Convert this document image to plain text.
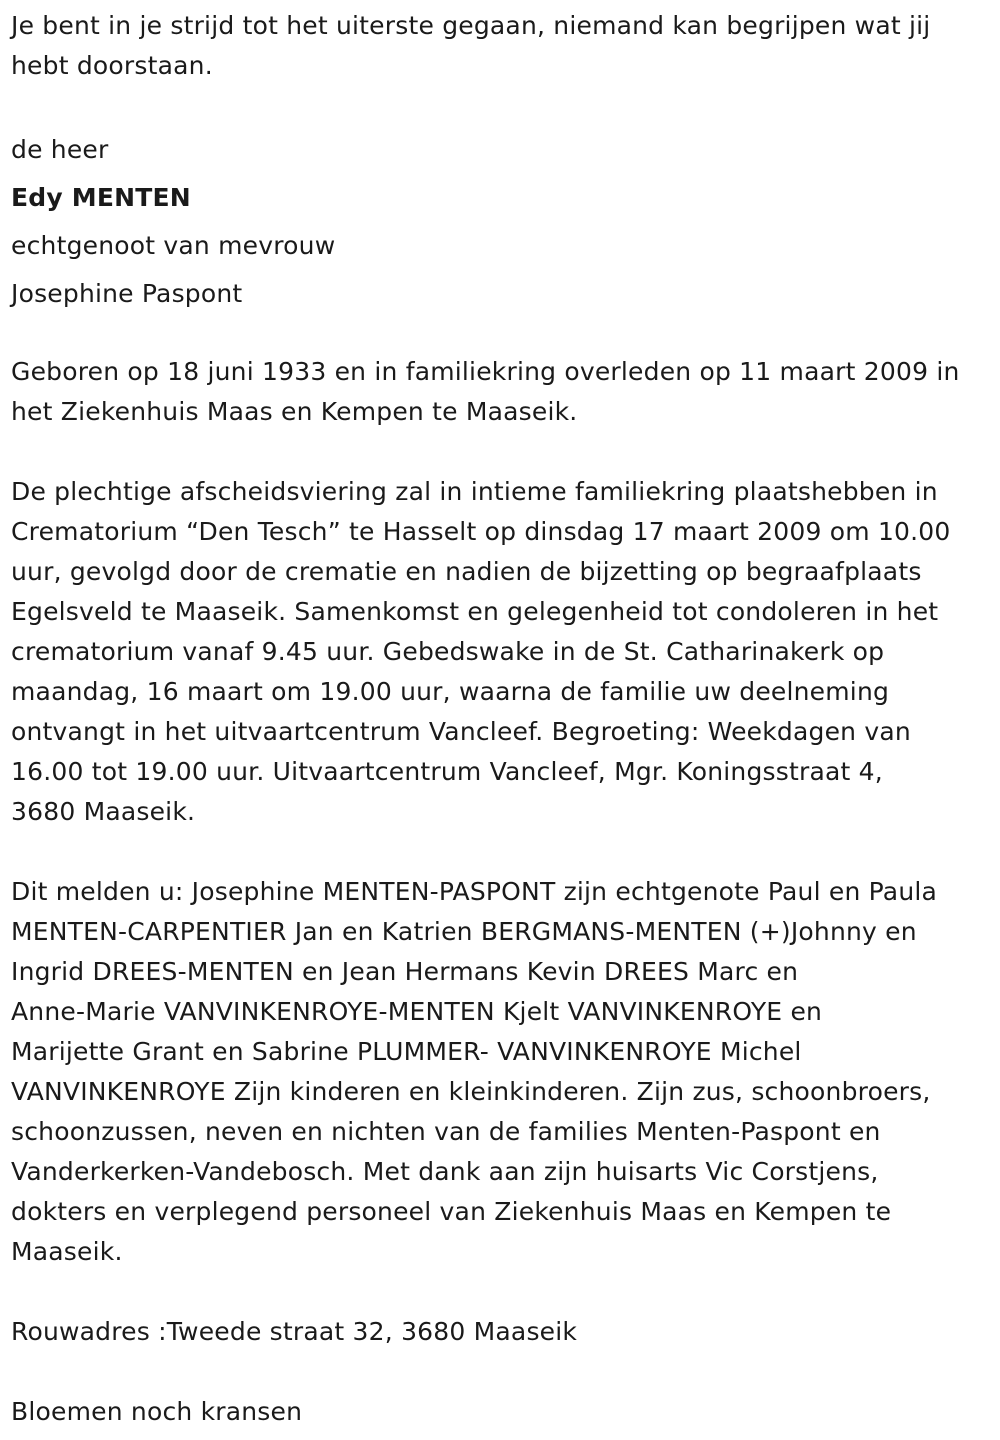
Je bent in je strijd tot het uiterste gegaan, niemand kan begrijpen wat jij
hebt doorstaan.
de heer
Edy MENTEN
echtgenoot van mevrouw
Josephine Paspont
Geboren op 18 juni 1933 en in familiekring overleden op 11 maart 2009 in
het Ziekenhuis Maas en Kempen te Maaseik.
De plechtige afscheidsviering zal in intieme familiekring plaatshebben in
Crematorium “Den Tesch” te Hasselt op dinsdag 17 maart 2009 om 10.00
uur, gevolgd door de crematie en nadien de bijzetting op begraafplaats
Egelsveld te Maaseik. Samenkomst en gelegenheid tot condoleren in het
crematorium vanaf 9.45 uur. Gebedswake in de St. Catharinakerk op
maandag, 16 maart om 19.00 uur, waarna de familie uw deelneming
ontvangt in het uitvaartcentrum Vancleef. Begroeting: Weekdagen van
16.00 tot 19.00 uur. Uitvaartcentrum Vancleef, Mgr. Koningsstraat 4,
3680 Maaseik.
Dit melden u: Josephine MENTEN-PASPONT zijn echtgenote Paul en Paula
MENTEN-CARPENTIER Jan en Katrien BERGMANS-MENTEN (+)Johnny en
Ingrid DREES-MENTEN en Jean Hermans Kevin DREES Marc en
Anne-Marie VANVINKENROYE-MENTEN Kjelt VANVINKENROYE en
Marijette Grant en Sabrine PLUMMER- VANVINKENROYE Michel
VANVINKENROYE Zijn kinderen en kleinkinderen. Zijn zus, schoonbroers,
schoonzussen, neven en nichten van de families Menten-Paspont en
Vanderkerken-Vandebosch. Met dank aan zijn huisarts Vic Corstjens,
dokters en verplegend personeel van Ziekenhuis Maas en Kempen te
Maaseik.
Rouwadres :Tweede straat 32, 3680 Maaseik
Bloemen noch kransen
